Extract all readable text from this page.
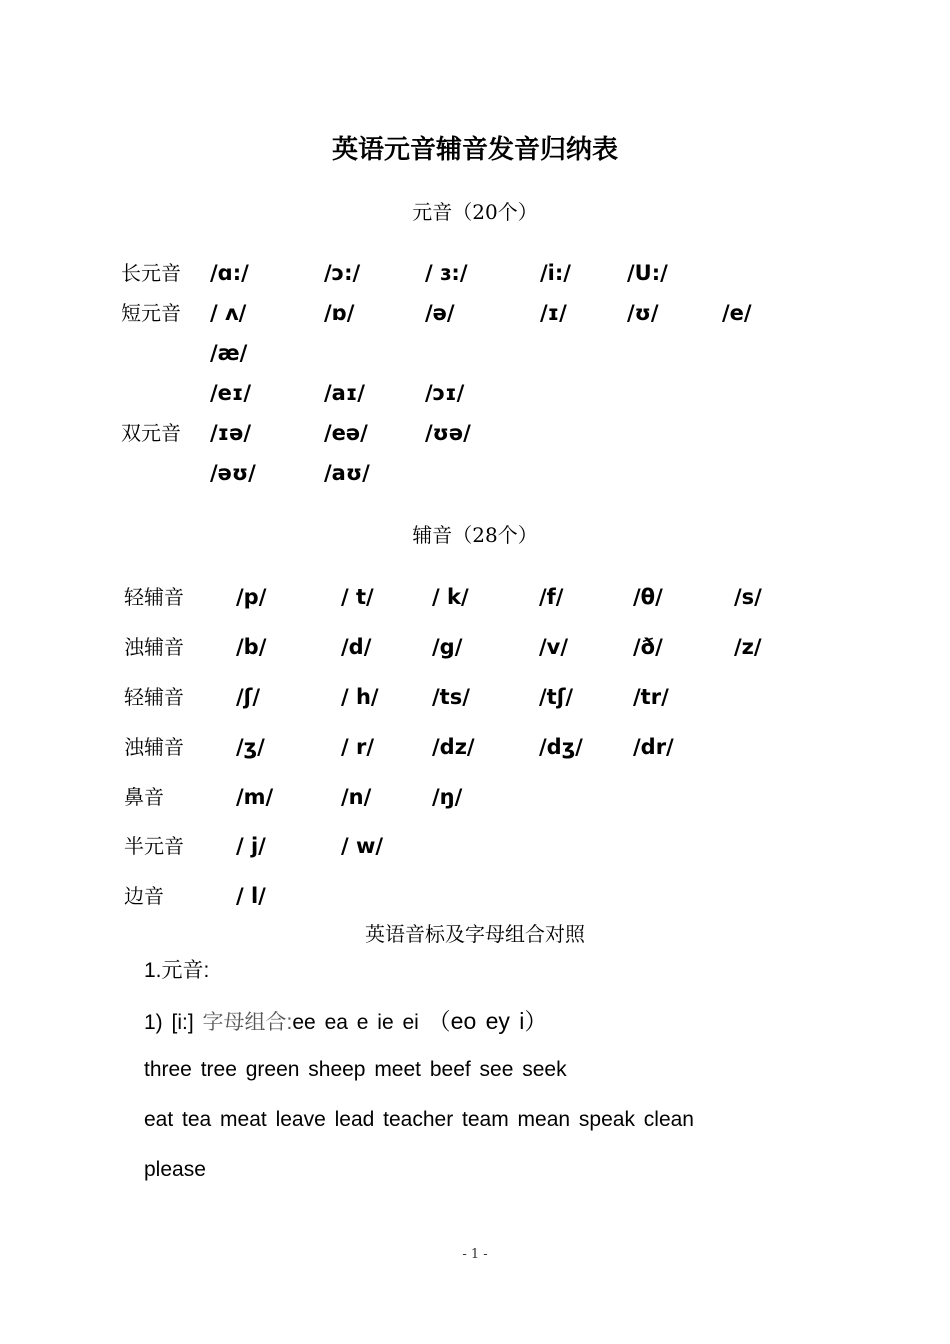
英语元音辅音发音归纳表
元音（20个）
长元音 /ɑ:/	/ɔ:/	/ ɜ:/	/i:/	/U:/
短元音 / ʌ/	/ɒ/	/ə/	/ɪ/	/ʊ/	/e/
/æ/
/eɪ/	/aɪ/	/ɔɪ/
双元音 /ɪə/	/eə/	/ʊə/
/əʊ/	/aʊ/
辅音（28个）
轻辅音 /p/	/ t/	/ k/	/f/	/θ/	/s/
浊辅音 /b/	/d/	/g/	/v/	/ð/	/z/
轻辅音 /ʃ/	/ h/	/ts/	/tʃ/	/tr/
浊辅音 /ʒ/	/ r/	/dz/	/dʒ/ /dr/
鼻音	/m/	/n/	/ŋ/
半元音 / j/	/ w/
边音	/ l/
英语音标及字母组合对照
1.元音:
1) [i:] 字母组合:ee ea e ie ei （eo ey i）
three tree green sheep meet beef see seek
eat tea meat leave lead teacher team mean speak clean
please
- 1 -
